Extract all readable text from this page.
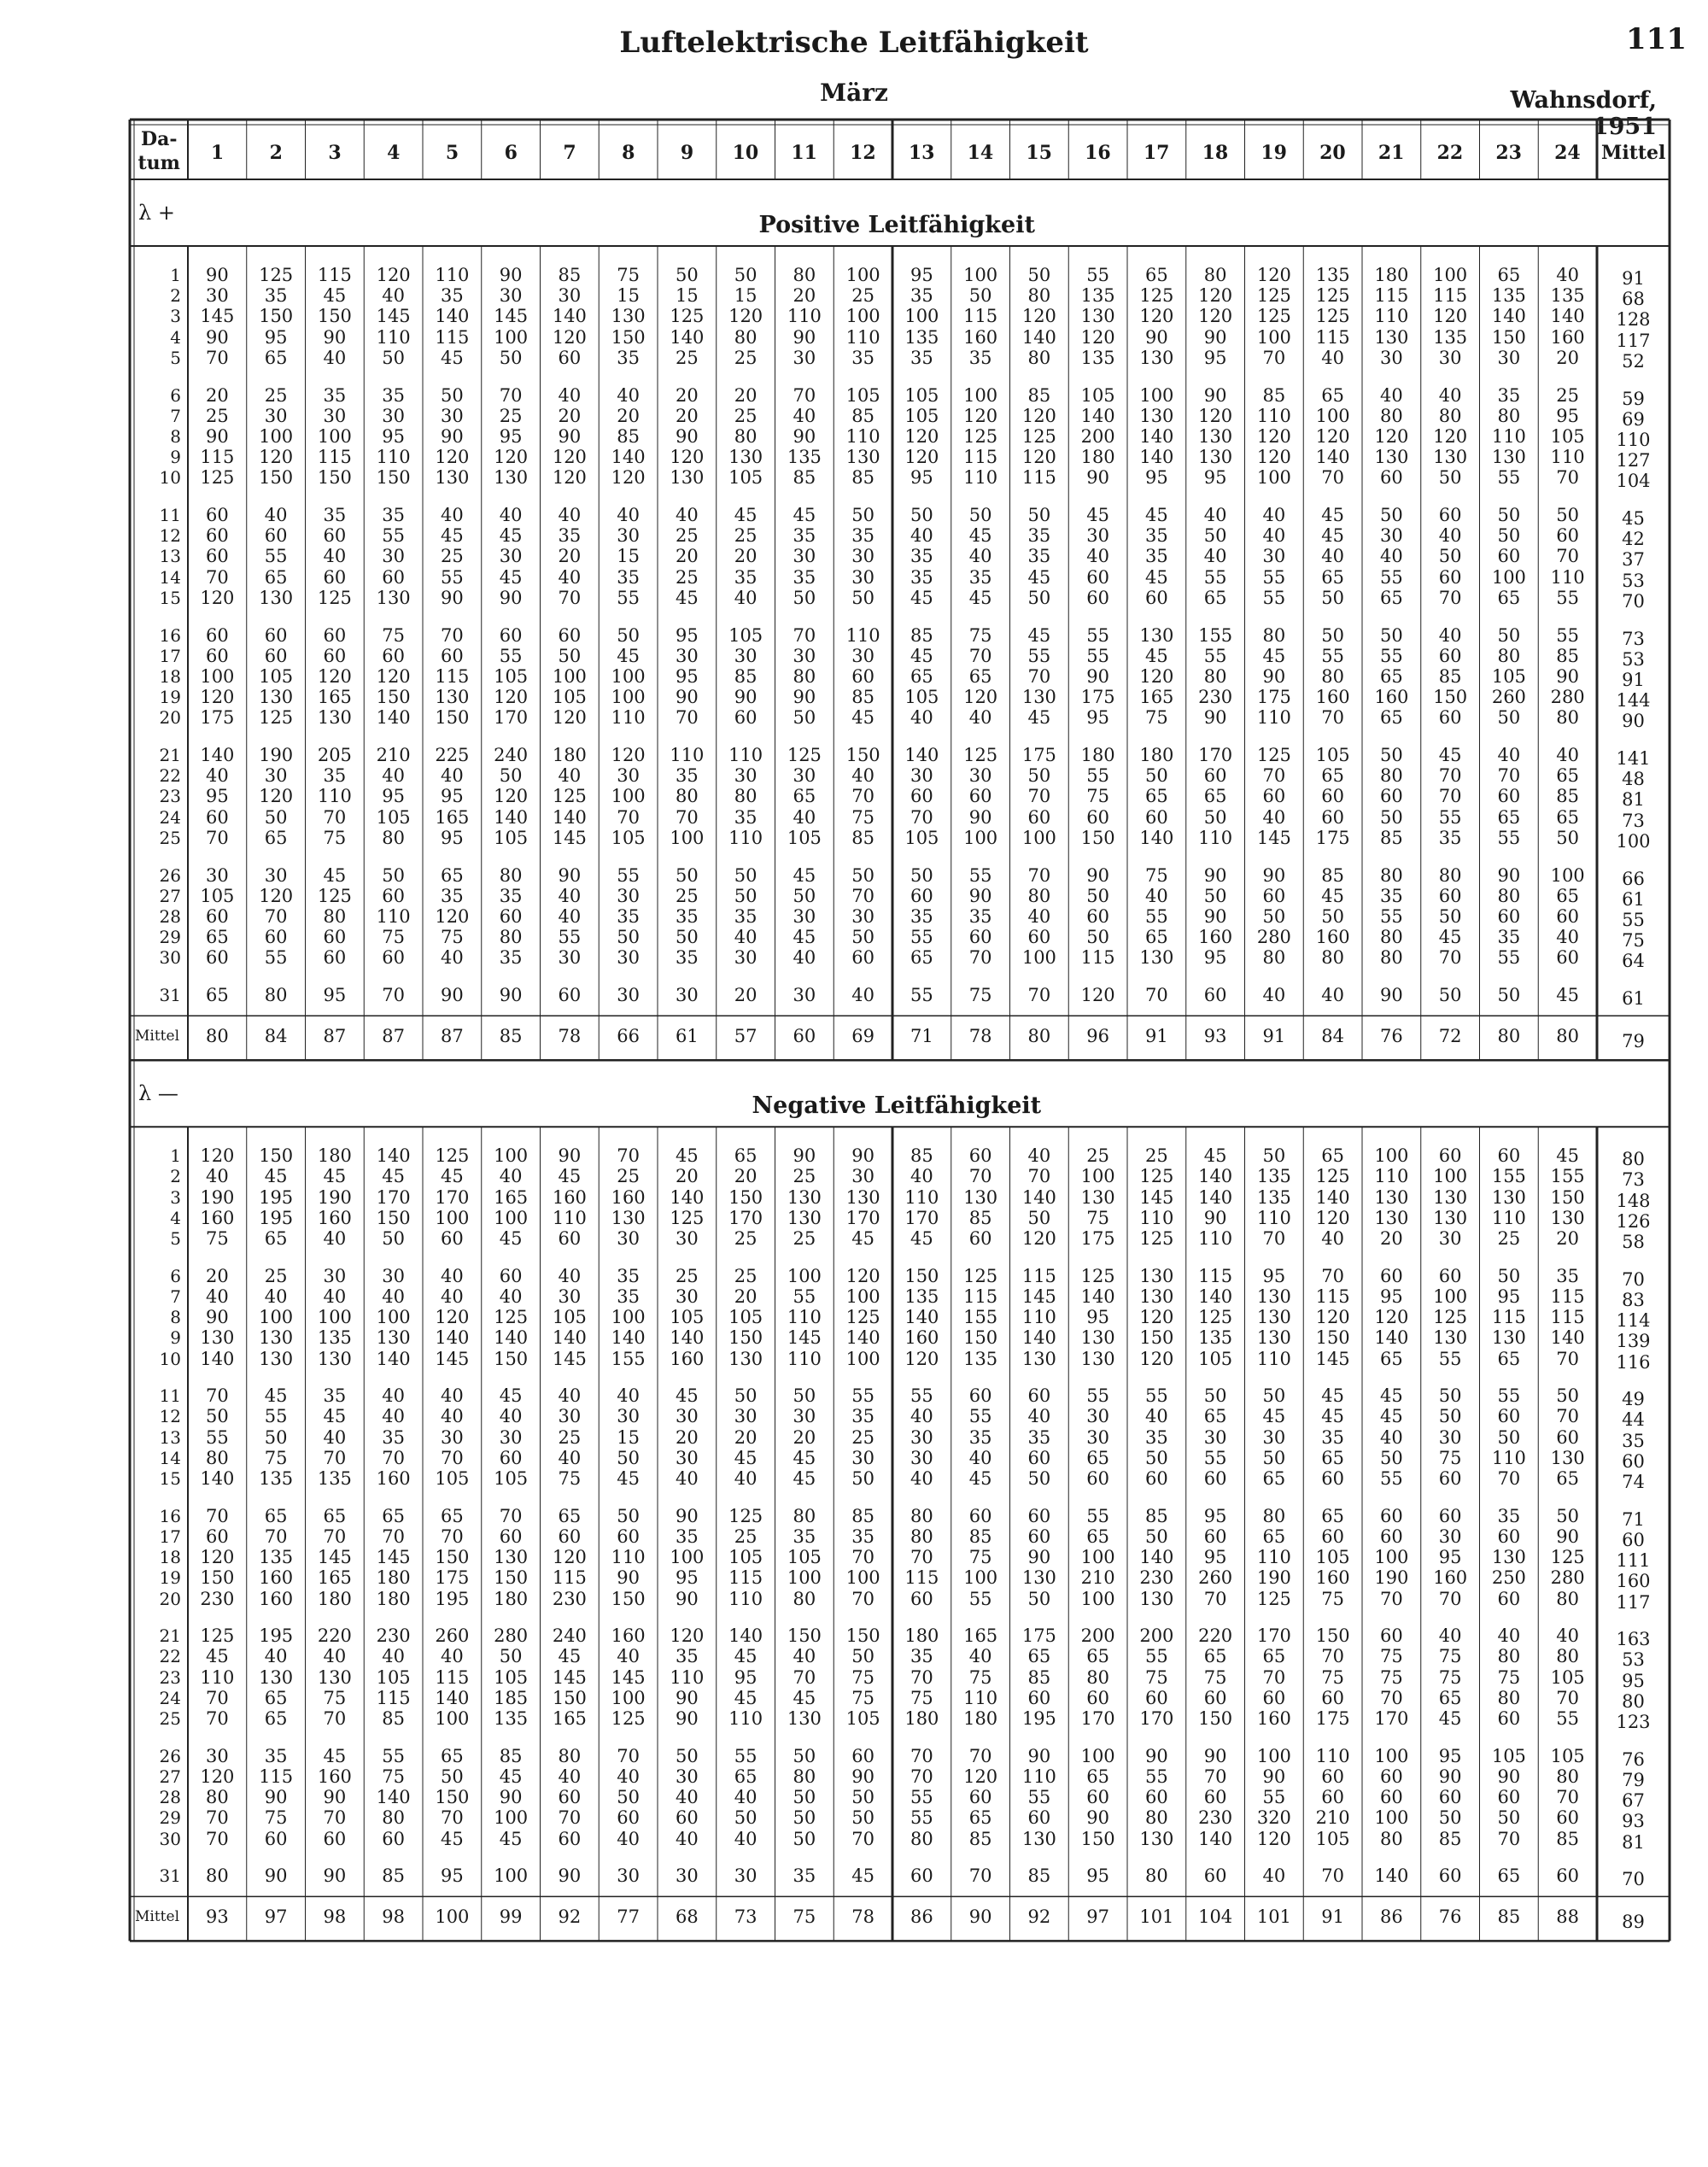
Luftelektrische Leitfähigkeit	111
März	Wahnsdorf, 1951
Da-
tum 1 2 3 4 5 6 7 8 9 10 11 12 13 14 15 16 17 18 19 20 21 22 23 24 Mittel
λ +	Positive Leitfähigkeit
1	90	125	115	120	110	90	85	75	50	50	80	100	95	100	50	55	65	80	120	135	180	100	65	40	91
2	30	35	45	40	35	30	30	15	15	15	20	25	35	50	80	135	125	120	125	125	115	115	135	135	68
3	145	150	150	145	140	145	140	130	125	120	110	100	100	115	120	130	120	120	125	125	110	120	140	140	128
4	90	95	90	110	115	100	120	150	140	80	90	110	135	160	140	120	90	90	100	115	130	135	150	160	117
5	70	65	40	50	45	50	60	35	25	25	30	35	35	35	80	135	130	95	70	40	30	30	30	20	52
6	20	25	35	35	50	70	40	40	20	20	70	105	105	100	85	105	100	90	85	65	40	40	35	25	59
7	25	30	30	30	30	25	20	20	20	25	40	85	105	120	120	140	130	120	110	100	80	80	80	95	69
8	90	100	100	95	90	95	90	85	90	80	90	110	120	125	125	200	140	130	120	120	120	120	110	105	110
9	115	120	115	110	120	120	120	140	120	130	135	130	120	115	120	180	140	130	120	140	130	130	130	110	127
10	125	150	150	150	130	130	120	120	130	105	85	85	95	110	115	90	95	95	100	70	60	50	55	70	104
11	60	40	35	35	40	40	40	40	40	45	45	50	50	50	50	45	45	40	40	45	50	60	50	50	45
12	60	60	60	55	45	45	35	30	25	25	35	35	40	45	35	30	35	50	40	45	30	40	50	60	42
13	60	55	40	30	25	30	20	15	20	20	30	30	35	40	35	40	35	40	30	40	40	50	60	70	37
14	70	65	60	60	55	45	40	35	25	35	35	30	35	35	45	60	45	55	55	65	55	60	100	110	53
15	120	130	125	130	90	90	70	55	45	40	50	50	45	45	50	60	60	65	55	50	65	70	65	55	70
16	60	60	60	75	70	60	60	50	95	105	70	110	85	75	45	55	130	155	80	50	50	40	50	55	73
17	60	60	60	60	60	55	50	45	30	30	30	30	45	70	55	55	45	55	45	55	55	60	80	85	53
18	100	105	120	120	115	105	100	100	95	85	80	60	65	65	70	90	120	80	90	80	65	85	105	90	91
19	120	130	165	150	130	120	105	100	90	90	90	85	105	120	130	175	165	230	175	160	160	150	260	280	144
20	175	125	130	140	150	170	120	110	70	60	50	45	40	40	45	95	75	90	110	70	65	60	50	80	90
21	140	190	205	210	225	240	180	120	110	110	125	150	140	125	175	180	180	170	125	105	50	45	40	40	141
22	40	30	35	40	40	50	40	30	35	30	30	40	30	30	50	55	50	60	70	65	80	70	70	65	48
23	95	120	110	95	95	120	125	100	80	80	65	70	60	60	70	75	65	65	60	60	60	70	60	85	81
24	60	50	70	105	165	140	140	70	70	35	40	75	70	90	60	60	60	50	40	60	50	55	65	65	73
25	70	65	75	80	95	105	145	105	100	110	105	85	105	100	100	150	140	110	145	175	85	35	55	50	100
26	30	30	45	50	65	80	90	55	50	50	45	50	50	55	70	90	75	90	90	85	80	80	90	100	66
27	105	120	125	60	35	35	40	30	25	50	50	70	60	90	80	50	40	50	60	45	35	60	80	65	61
28	60	70	80	110	120	60	40	35	35	35	30	30	35	35	40	60	55	90	50	50	55	50	60	60	55
29	65	60	60	75	75	80	55	50	50	40	45	50	55	60	60	50	65	160	280	160	80	45	35	40	75
30	60	55	60	60	40	35	30	30	35	30	40	60	65	70	100	115	130	95	80	80	80	70	55	60	64
31	65	80	95	70	90	90	60	30	30	20	30	40	55	75	70	120	70	60	40	40	90	50	50	45	61
Mittel	80	84	87	87	87	85	78	66	61	57	60	69	71	78	80	96	91	93	91	84	76	72	80	80	79
λ —	Negative Leitfähigkeit
1	120	150	180	140	125	100	90	70	45	65	90	90	85	60	40	25	25	45	50	65	100	60	60	45	80
2	40	45	45	45	45	40	45	25	20	20	25	30	40	70	70	100	125	140	135	125	110	100	155	155	73
3	190	195	190	170	170	165	160	160	140	150	130	130	110	130	140	130	145	140	135	140	130	130	130	150	148
4	160	195	160	150	100	100	110	130	125	170	130	170	170	85	50	75	110	90	110	120	130	130	110	130	126
5	75	65	40	50	60	45	60	30	30	25	25	45	45	60	120	175	125	110	70	40	20	30	25	20	58
6	20	25	30	30	40	60	40	35	25	25	100	120	150	125	115	125	130	115	95	70	60	60	50	35	70
7	40	40	40	40	40	40	30	35	30	20	55	100	135	115	145	140	130	140	130	115	95	100	95	115	83
8	90	100	100	100	120	125	105	100	105	105	110	125	140	155	110	95	120	125	130	120	120	125	115	115	114
9	130	130	135	130	140	140	140	140	140	150	145	140	160	150	140	130	150	135	130	150	140	130	130	140	139
10	140	130	130	140	145	150	145	155	160	130	110	100	120	135	130	130	120	105	110	145	65	55	65	70	116
11	70	45	35	40	40	45	40	40	45	50	50	55	55	60	60	55	55	50	50	45	45	50	55	50	49
12	50	55	45	40	40	40	30	30	30	30	30	35	40	55	40	30	40	65	45	45	45	50	60	70	44
13	55	50	40	35	30	30	25	15	20	20	20	25	30	35	35	30	35	30	30	35	40	30	50	60	35
14	80	75	70	70	70	60	40	50	30	45	45	30	30	40	60	65	50	55	50	65	50	75	110	130	60
15	140	135	135	160	105	105	75	45	40	40	45	50	40	45	50	60	60	60	65	60	55	60	70	65	74
16	70	65	65	65	65	70	65	50	90	125	80	85	80	60	60	55	85	95	80	65	60	60	35	50	71
17	60	70	70	70	70	60	60	60	35	25	35	35	80	85	60	65	50	60	65	60	60	30	60	90	60
18	120	135	145	145	150	130	120	110	100	105	105	70	70	75	90	100	140	95	110	105	100	95	130	125	111
19	150	160	165	180	175	150	115	90	95	115	100	100	115	100	130	210	230	260	190	160	190	160	250	280	160
20	230	160	180	180	195	180	230	150	90	110	80	70	60	55	50	100	130	70	125	75	70	70	60	80	117
21	125	195	220	230	260	280	240	160	120	140	150	150	180	165	175	200	200	220	170	150	60	40	40	40	163
22	45	40	40	40	40	50	45	40	35	45	40	50	35	40	65	65	55	65	65	70	75	75	80	80	53
23	110	130	130	105	115	105	145	145	110	95	70	75	70	75	85	80	75	75	70	75	75	75	75	105	95
24	70	65	75	115	140	185	150	100	90	45	45	75	75	110	60	60	60	60	60	60	70	65	80	70	80
25	70	65	70	85	100	135	165	125	90	110	130	105	180	180	195	170	170	150	160	175	170	45	60	55	123
26	30	35	45	55	65	85	80	70	50	55	50	60	70	70	90	100	90	90	100	110	100	95	105	105	76
27	120	115	160	75	50	45	40	40	30	65	80	90	70	120	110	65	55	70	90	60	60	90	90	80	79
28	80	90	90	140	150	90	60	50	40	40	50	50	55	60	55	60	60	60	55	60	60	60	60	70	67
29	70	75	70	80	70	100	70	60	60	50	50	50	55	65	60	90	80	230	320	210	100	50	50	60	93
30	70	60	60	60	45	45	60	40	40	40	50	70	80	85	130	150	130	140	120	105	80	85	70	85	81
31	80	90	90	85	95	100	90	30	30	30	35	45	60	70	85	95	80	60	40	70	140	60	65	60	70
Mittel	93	97	98	98	100	99	92	77	68	73	75	78	86	90	92	97	101	104	101	91	86	76	85	88	89
